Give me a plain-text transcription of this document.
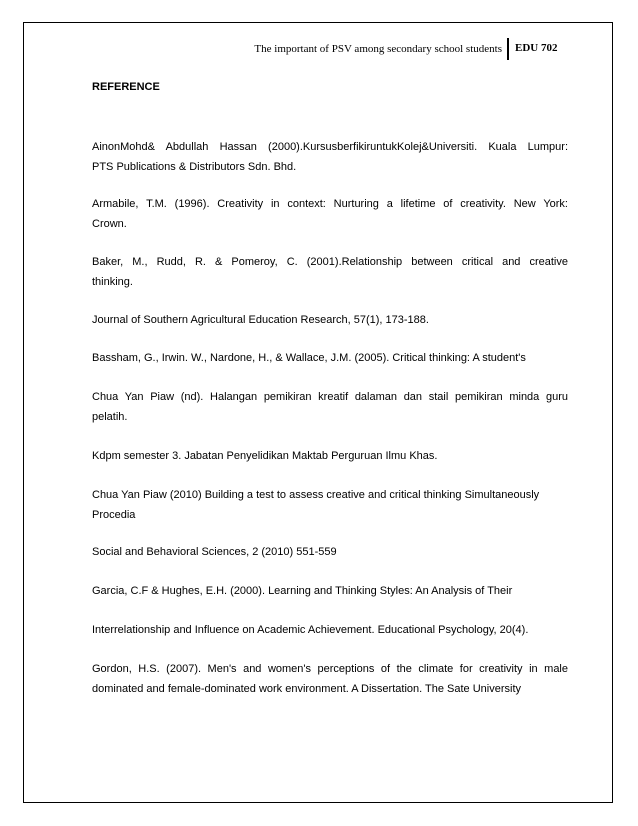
The important of PSV among secondary school students EDU 702
REFERENCE
AinonMohd& Abdullah Hassan (2000).KursusberfikiruntukKolej&Universiti. Kuala Lumpur:
PTS Publications & Distributors Sdn. Bhd.
Armabile, T.M. (1996). Creativity in context: Nurturing a lifetime of creativity. New York:
Crown.
Baker, M., Rudd, R. & Pomeroy, C. (2001).Relationship between critical and creative
thinking.
Journal of Southern Agricultural Education Research, 57(1), 173-188.
Bassham, G., Irwin. W., Nardone, H., & Wallace, J.M. (2005). Critical thinking: A student's
Chua Yan Piaw (nd). Halangan pemikiran kreatif dalaman dan stail pemikiran minda guru
pelatih.
Kdpm semester 3. Jabatan Penyelidikan Maktab Perguruan Ilmu Khas.
Chua Yan Piaw (2010) Building a test to assess creative and critical thinking Simultaneously
Procedia
Social and Behavioral Sciences, 2 (2010) 551-559
Garcia, C.F & Hughes, E.H. (2000). Learning and Thinking Styles: An Analysis of Their
Interrelationship and Influence on Academic Achievement. Educational Psychology, 20(4).
Gordon, H.S. (2007). Men's and women's perceptions of the climate for creativity in male
dominated and female-dominated work environment. A Dissertation. The Sate University
